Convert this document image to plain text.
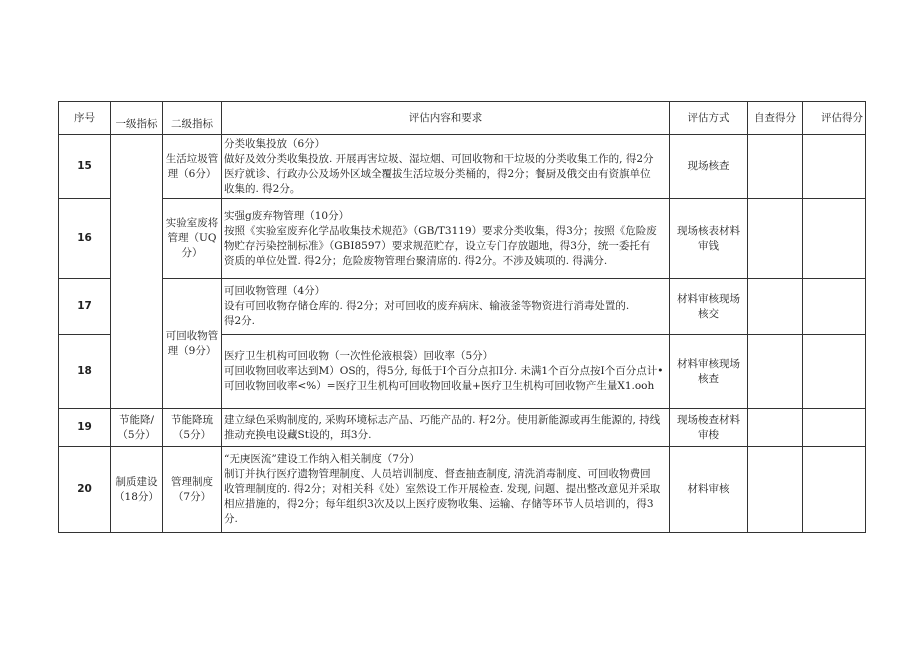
序号	一级指标	二级指标	评估内容和要求	评估方式	自查得分	评估得分
15		生活垃圾管理（6分）	分类收集投放（6分）
做好及效分类收集投放. 开展再害垃圾、湿垃烟、可回收物和干垃圾的分类收集工作的, 得2分
医疗就诊、行政办公及场外区域全覆拔生活垃圾分类桶的，得2分；餐厨及俄交由有资旗单位
收集的. 得2分。	现场核查		
16		实验室废将管理（UQ分）	实强g废弃物管理（10分）
按照《实验室废弃化学品收集技术规范》（GB/T3119）要求分类收集，得3分；按照《危险废
物贮存污染控制标准》（GBI8597）要求规范贮存，设立专门存放题地，得3分，统一委托有
资质的单位处置. 得2分；危险废物管理台聚清席的. 得2分。不涉及姨项的. 得满分.	现场核表材料审钱		
17		可回收物管理（9分）	可回收物管理（4分）
设有可回收物存储仓库的. 得2分；对可回收的废弃病床、输液釜等物资进行消毒处置的.
得2分.	材料审核现场核交		
18			医疗卫生机构可回收物（一次性伦液根袋）回收率（5分）
可回收物回收率达到M）OS的，得5分, 每低于I个百分点扣I分. 未满1个百分点按I个百分点计•
可回收物回收率<%）=医疗卫生机构可回收物回收量+医疗卫生机构可回收物产生量X1.ooh	材料审核现场核查		
19	节能降/（5分）	节能降琉（5分）	建立绿色采购制度的, 采购环境标志产品、巧能产品的. 籽2分。使用新能源或再生能源的, 持线
推动充换电设藏St设的，珥3分.	现场梭查材料审梭		
20	制质建设（18分）	管理制度（7分）	“无庚医流”建设工作纳入相关制度（7分）
制订并执行医疗遗物管理制度、人员培训制度、督查抽查制度, 清洗消毒制度、可回收物费回
收管理制度的. 得2分；对相关科《处）室然设工作开展检查. 发现, 问题、提出整改意见并采取
相应措施的，得2分；每年组织3次及以上医疗废物收集、运输、存储等环节人员培训的，得3
分.	材料审核		
